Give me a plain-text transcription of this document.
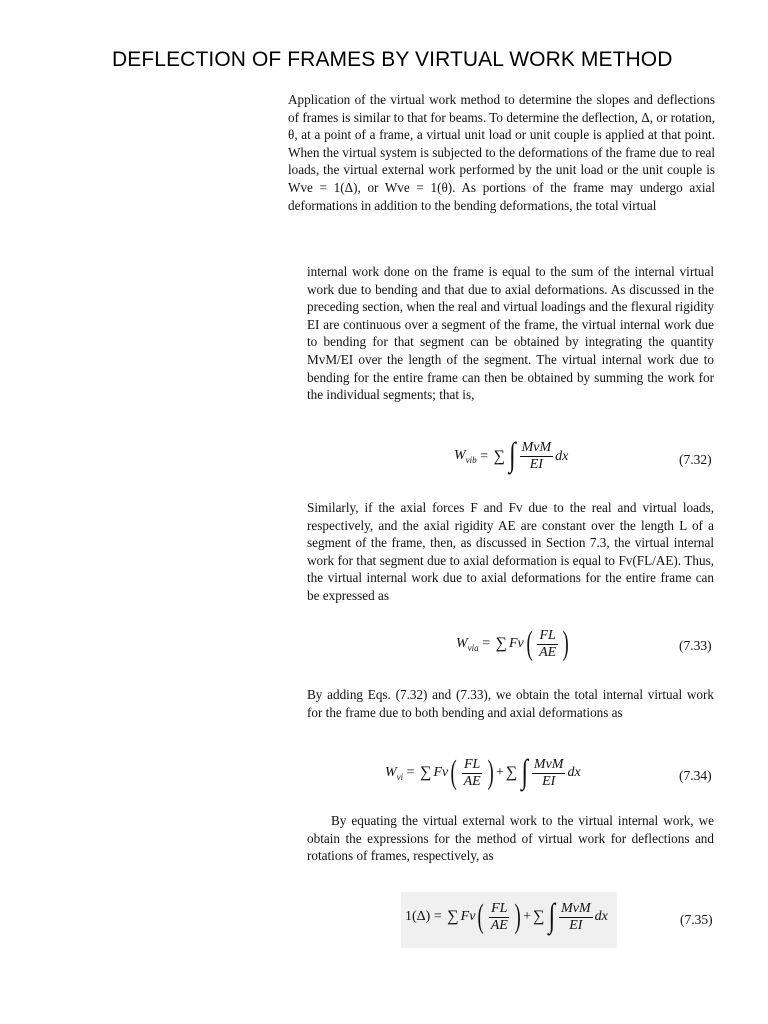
DEFLECTION OF FRAMES BY VIRTUAL WORK METHOD
Application of the virtual work method to determine the slopes and deflections of frames is similar to that for beams. To determine the deflection, Δ, or rotation, θ, at a point of a frame, a virtual unit load or unit couple is applied at that point. When the virtual system is subjected to the deformations of the frame due to real loads, the virtual external work performed by the unit load or the unit couple is Wve = 1(Δ), or Wve = 1(θ). As portions of the frame may undergo axial deformations in addition to the bending deformations, the total virtual
internal work done on the frame is equal to the sum of the internal virtual work due to bending and that due to axial deformations. As discussed in the preceding section, when the real and virtual loadings and the flexural rigidity EI are continuous over a segment of the frame, the virtual internal work due to bending for that segment can be obtained by integrating the quantity MvM/EI over the length of the segment. The virtual internal work due to bending for the entire frame can then be obtained by summing the work for the individual segments; that is,
$W_{vib}$ = ∑ ∫ $\frac{\text{MvM}}{EI}$ dx	(7.32)
Similarly, if the axial forces F and Fv due to the real and virtual loads, respectively, and the axial rigidity AE are constant over the length L of a segment of the frame, then, as discussed in Section 7.3, the virtual internal work for that segment due to axial deformation is equal to Fv(FL/AE). Thus, the virtual internal work due to axial deformations for the entire frame can be expressed as
$W_{via}$ = ∑ Fv ( $\frac{FL}{AE}$ )	(7.33)
By adding Eqs. (7.32) and (7.33), we obtain the total internal virtual work for the frame due to both bending and axial deformations as
$W_{vi}$ = ∑ Fv ( $\frac{FL}{AE}$ ) + ∑ ∫ $\frac{\text{MvM}}{EI}$ dx	(7.34)
By equating the virtual external work to the virtual internal work, we obtain the expressions for the method of virtual work for deflections and rotations of frames, respectively, as
1(Δ) = ∑ Fv ( $\frac{FL}{AE}$ ) + ∑ ∫ $\frac{\text{MvM}}{EI}$ dx	(7.35)
